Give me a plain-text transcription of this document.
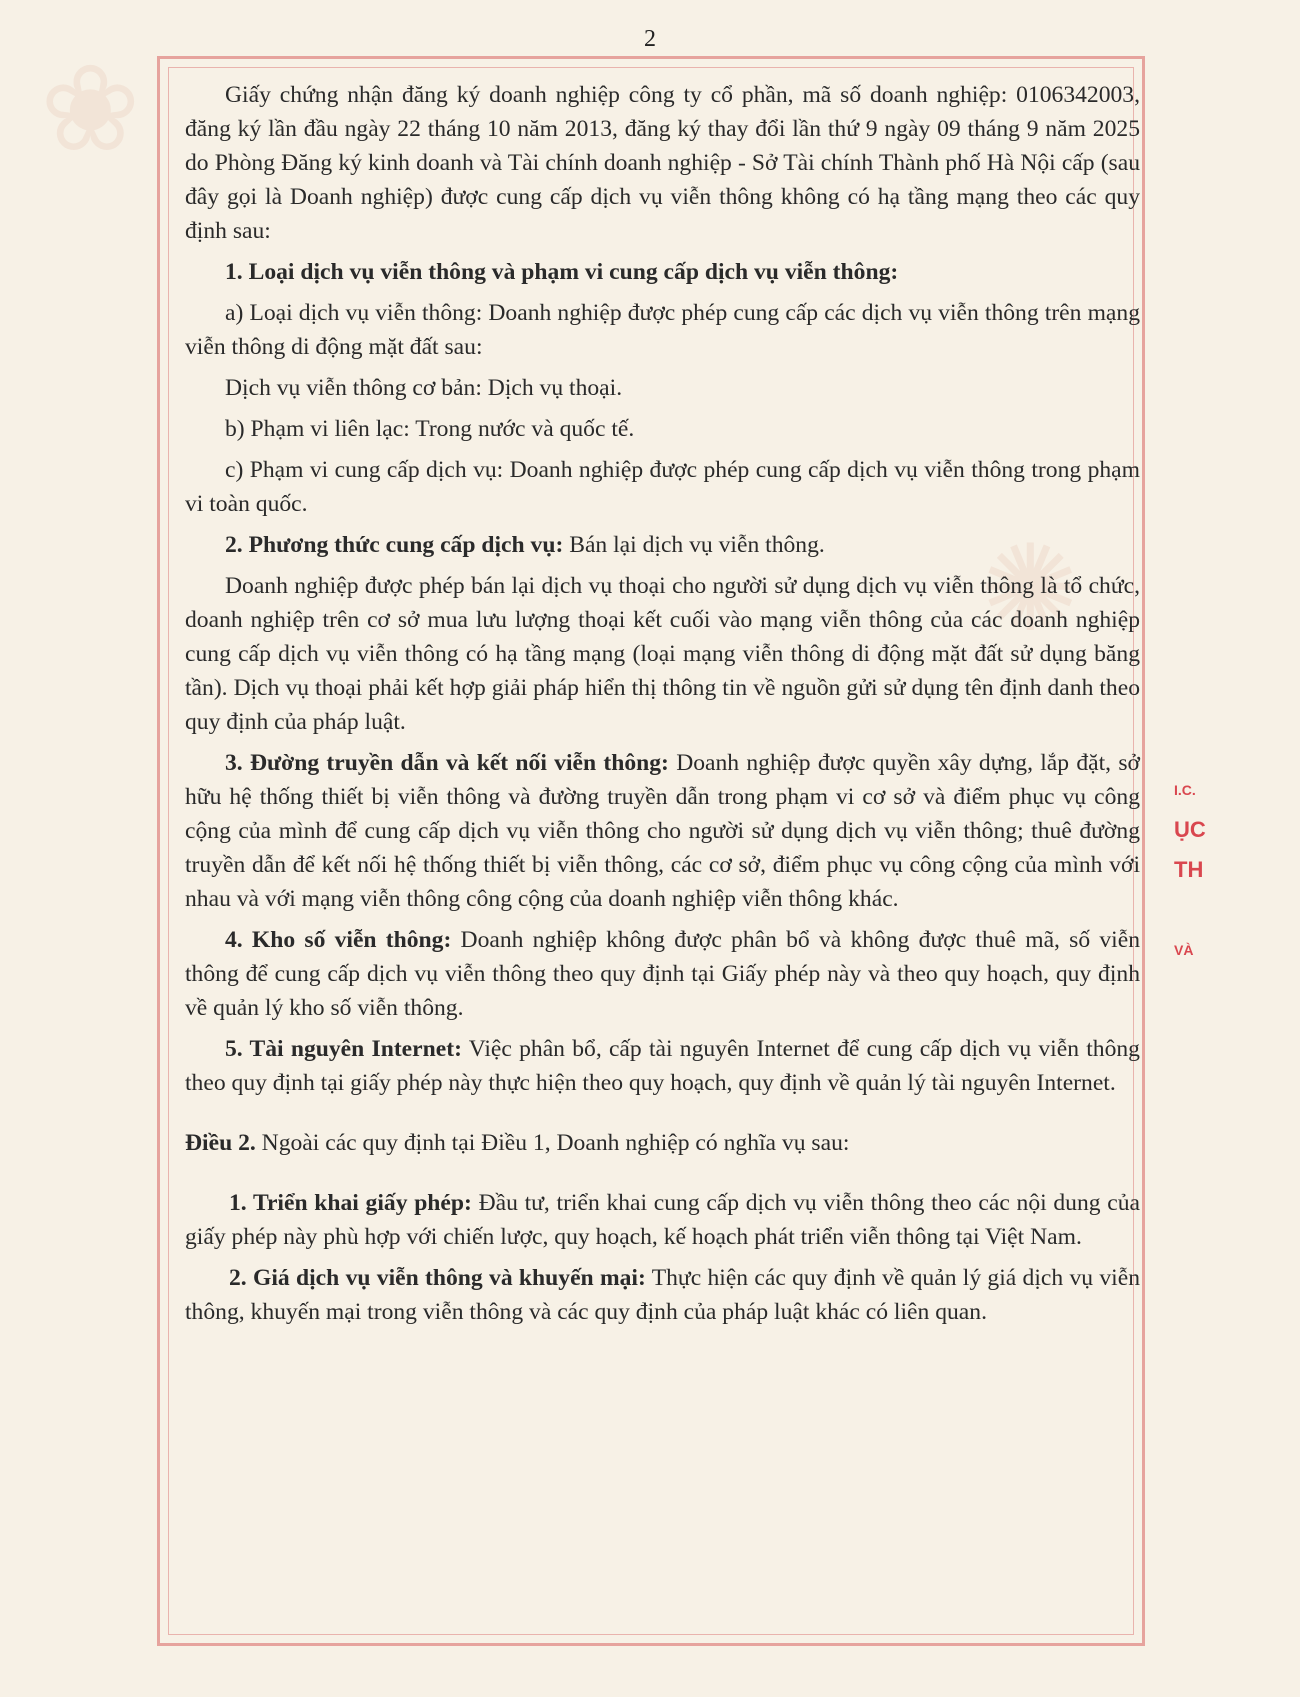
❀
✺
2

Giấy chứng nhận đăng ký doanh nghiệp công ty cổ phần, mã số doanh nghiệp: 0106342003, đăng ký lần đầu ngày 22 tháng 10 năm 2013, đăng ký thay đổi lần thứ 9 ngày 09 tháng 9 năm 2025 do Phòng Đăng ký kinh doanh và Tài chính doanh nghiệp - Sở Tài chính Thành phố Hà Nội cấp (sau đây gọi là Doanh nghiệp) được cung cấp dịch vụ viễn thông không có hạ tầng mạng theo các quy định sau:

1. Loại dịch vụ viễn thông và phạm vi cung cấp dịch vụ viễn thông:

a) Loại dịch vụ viễn thông: Doanh nghiệp được phép cung cấp các dịch vụ viễn thông trên mạng viễn thông di động mặt đất sau:

Dịch vụ viễn thông cơ bản: Dịch vụ thoại.

b) Phạm vi liên lạc: Trong nước và quốc tế.

c) Phạm vi cung cấp dịch vụ: Doanh nghiệp được phép cung cấp dịch vụ viễn thông trong phạm vi toàn quốc.

2. Phương thức cung cấp dịch vụ: Bán lại dịch vụ viễn thông.

Doanh nghiệp được phép bán lại dịch vụ thoại cho người sử dụng dịch vụ viễn thông là tổ chức, doanh nghiệp trên cơ sở mua lưu lượng thoại kết cuối vào mạng viễn thông của các doanh nghiệp cung cấp dịch vụ viễn thông có hạ tầng mạng (loại mạng viễn thông di động mặt đất sử dụng băng tần). Dịch vụ thoại phải kết hợp giải pháp hiển thị thông tin về nguồn gửi sử dụng tên định danh theo quy định của pháp luật.

3. Đường truyền dẫn và kết nối viễn thông: Doanh nghiệp được quyền xây dựng, lắp đặt, sở hữu hệ thống thiết bị viễn thông và đường truyền dẫn trong phạm vi cơ sở và điểm phục vụ công cộng của mình để cung cấp dịch vụ viễn thông cho người sử dụng dịch vụ viễn thông; thuê đường truyền dẫn để kết nối hệ thống thiết bị viễn thông, các cơ sở, điểm phục vụ công cộng của mình với nhau và với mạng viễn thông công cộng của doanh nghiệp viễn thông khác.

4. Kho số viễn thông: Doanh nghiệp không được phân bổ và không được thuê mã, số viễn thông để cung cấp dịch vụ viễn thông theo quy định tại Giấy phép này và theo quy hoạch, quy định về quản lý kho số viễn thông.

5. Tài nguyên Internet: Việc phân bổ, cấp tài nguyên Internet để cung cấp dịch vụ viễn thông theo quy định tại giấy phép này thực hiện theo quy hoạch, quy định về quản lý tài nguyên Internet.

Điều 2. Ngoài các quy định tại Điều 1, Doanh nghiệp có nghĩa vụ sau:

1. Triển khai giấy phép: Đầu tư, triển khai cung cấp dịch vụ viễn thông theo các nội dung của giấy phép này phù hợp với chiến lược, quy hoạch, kế hoạch phát triển viễn thông tại Việt Nam.

2. Giá dịch vụ viễn thông và khuyến mại: Thực hiện các quy định về quản lý giá dịch vụ viễn thông, khuyến mại trong viễn thông và các quy định của pháp luật khác có liên quan.

I.C.
ỤC
TH
VÀ
